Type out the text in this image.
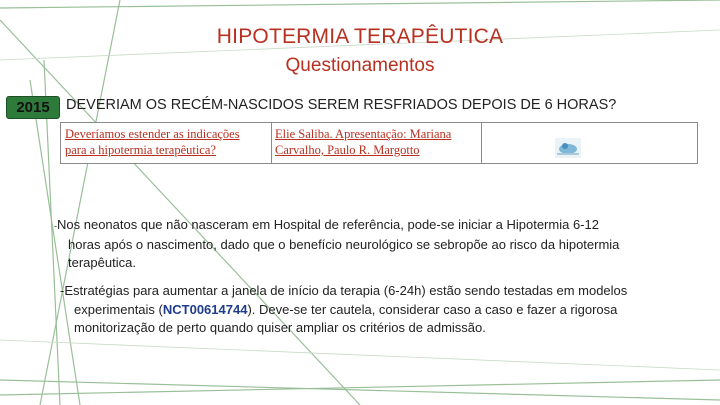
HIPOTERMIA TERAPÊUTICA
Questionamentos
2015	DEVERIAM OS RECÉM-NASCIDOS SEREM RESFRIADOS DEPOIS DE 6 HORAS?
Deveríamos estender as indicações
para a hipotermia terapêutica?
Elie Saliba. Apresentação: Mariana
Carvalho, Paulo R. Margotto
-Nos neonatos que não nasceram em Hospital de referência, pode-se iniciar a Hipotermia 6-12
horas após o nascimento, dado que o benefício neurológico se sebropõe ao risco da hipotermia
terapêutica.
-Estratégias para aumentar a janela de início da terapia (6-24h) estão sendo testadas em modelos
experimentais (NCT00614744). Deve-se ter cautela, considerar caso a caso e fazer a rigorosa
monitorização de perto quando quiser ampliar os critérios de admissão.
